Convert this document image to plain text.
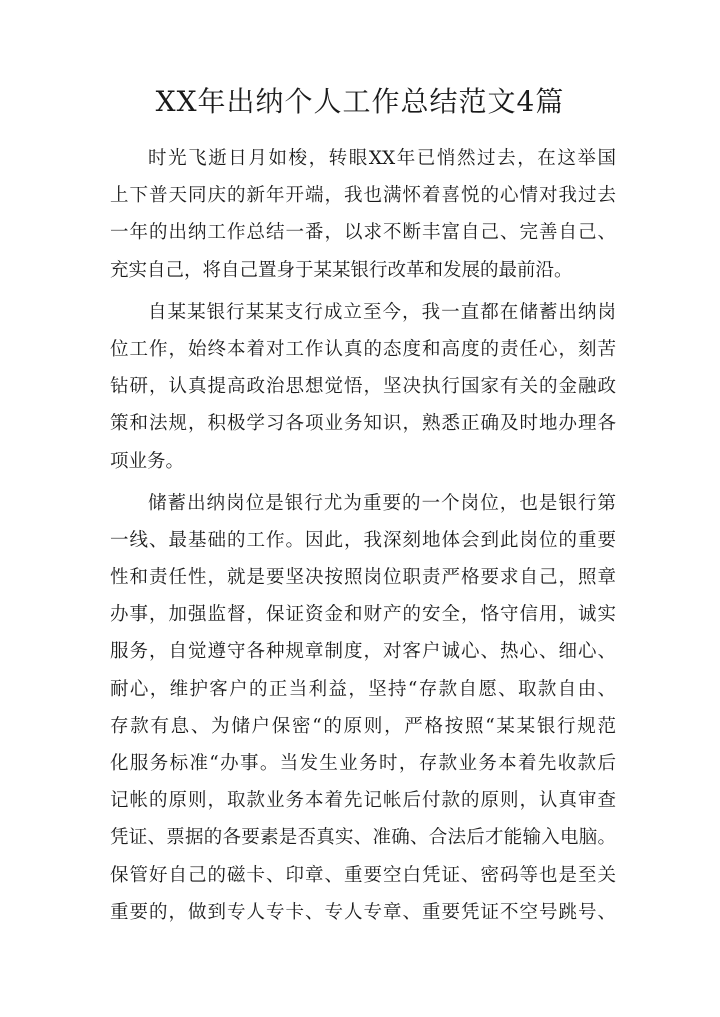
XX年出纳个人工作总结范文4篇
时光飞逝日月如梭，转眼XX年已悄然过去，在这举国
上下普天同庆的新年开端，我也满怀着喜悦的心情对我过去
一年的出纳工作总结一番，以求不断丰富自己、完善自己、
充实自己，将自己置身于某某银行改革和发展的最前沿。
自某某银行某某支行成立至今，我一直都在储蓄出纳岗
位工作，始终本着对工作认真的态度和高度的责任心，刻苦
钻研，认真提高政治思想觉悟，坚决执行国家有关的金融政
策和法规，积极学习各项业务知识，熟悉正确及时地办理各
项业务。
储蓄出纳岗位是银行尤为重要的一个岗位，也是银行第
一线、最基础的工作。因此，我深刻地体会到此岗位的重要
性和责任性，就是要坚决按照岗位职责严格要求自己，照章
办事，加强监督，保证资金和财产的安全，恪守信用，诚实
服务，自觉遵守各种规章制度，对客户诚心、热心、细心、
耐心，维护客户的正当利益，坚持“存款自愿、取款自由、
存款有息、为储户保密“的原则，严格按照“某某银行规范
化服务标准“办事。当发生业务时，存款业务本着先收款后
记帐的原则，取款业务本着先记帐后付款的原则，认真审查
凭证、票据的各要素是否真实、准确、合法后才能输入电脑。
保管好自己的磁卡、印章、重要空白凭证、密码等也是至关
重要的，做到专人专卡、专人专章、重要凭证不空号跳号、
